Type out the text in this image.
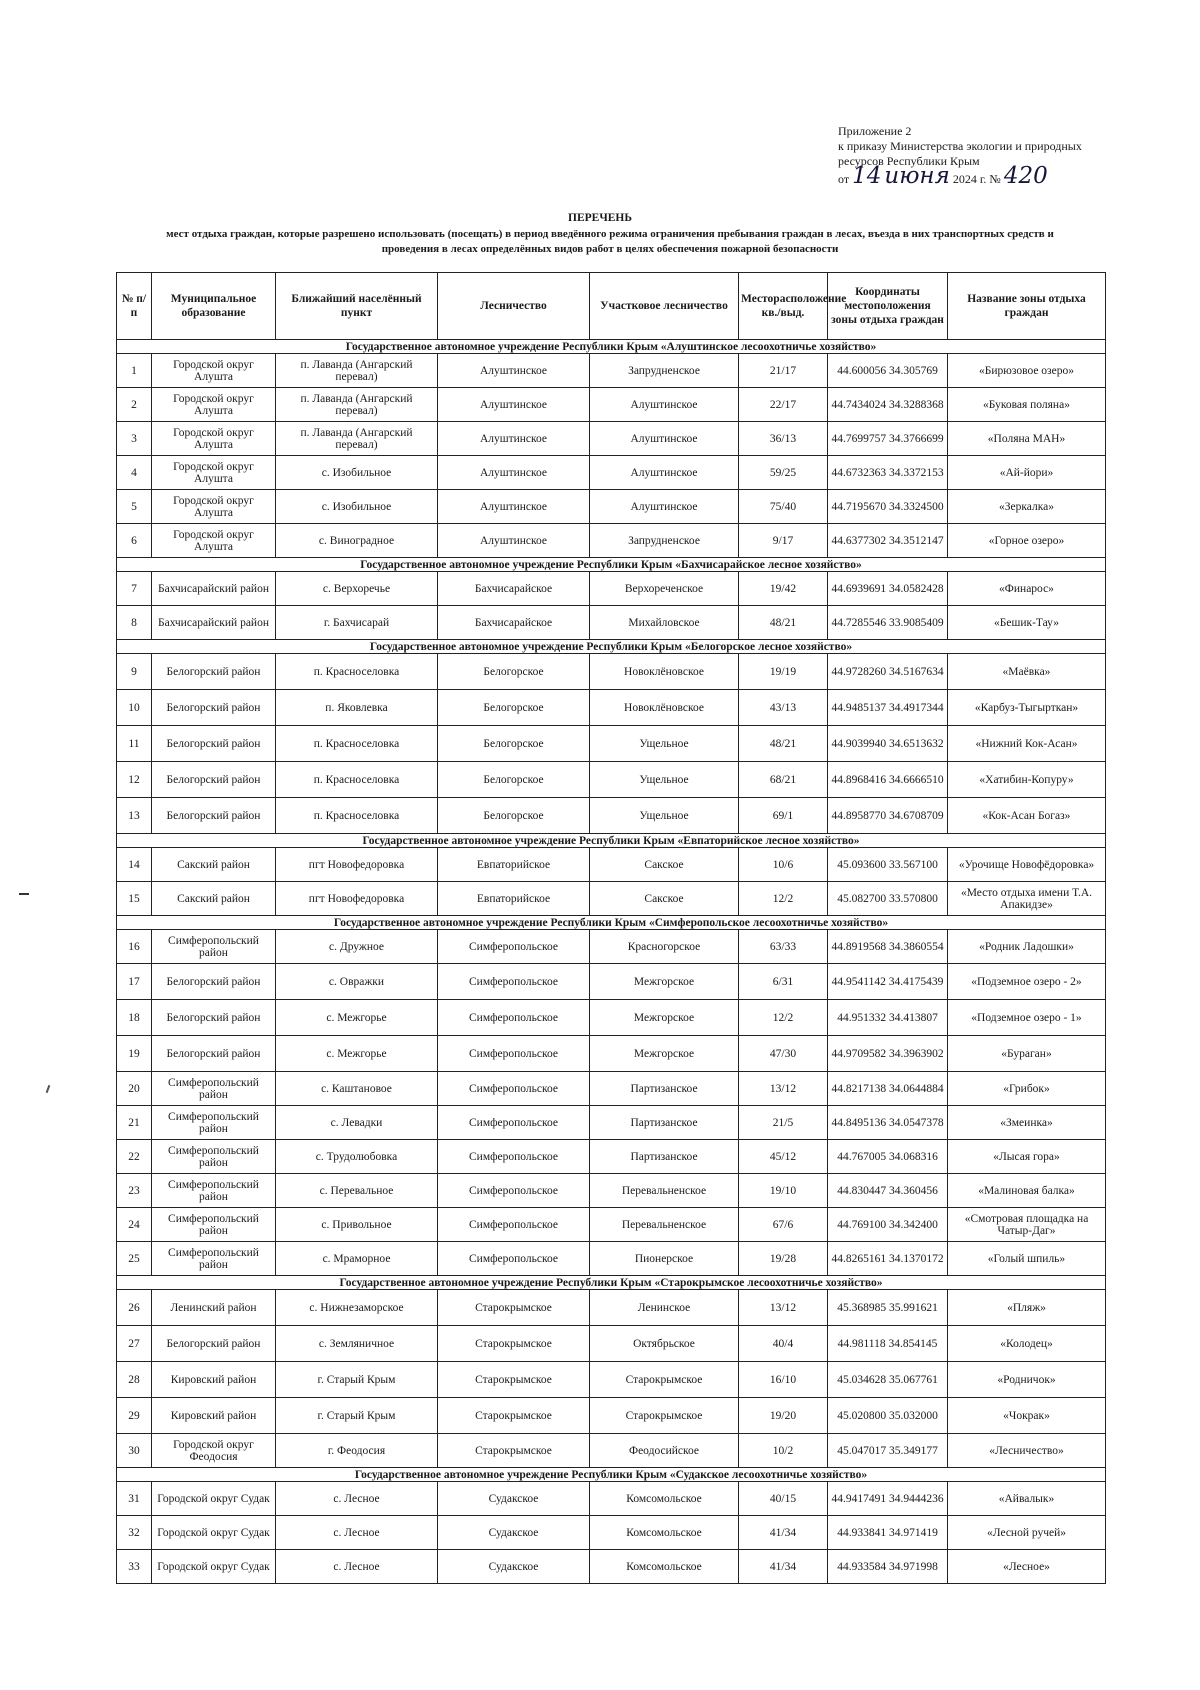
Приложение 2
к приказу Министерства экологии и природных
ресурсов Республики Крым
от 14 июня 2024 г. № 420
ПЕРЕЧЕНЬ
мест отдыха граждан, которые разрешено использовать (посещать) в период введённого режима ограничения пребывания граждан в лесах, въезда в них транспортных средств и проведения в лесах определённых видов работ в целях обеспечения пожарной безопасности
№ п/п	Муниципальное образование	Ближайший населённый пункт	Лесничество	Участковое лесничество	Месторасположение кв./выд.	Координаты местоположения зоны отдыха граждан	Название зоны отдыха граждан
Государственное автономное учреждение Республики Крым «Алуштинское лесоохотничье хозяйство»							
1	Городской округ Алушта	п. Лаванда (Ангарский перевал)	Алуштинское	Запрудненское	21/17	44.600056 34.305769	«Бирюзовое озеро»
2	Городской округ Алушта	п. Лаванда (Ангарский перевал)	Алуштинское	Алуштинское	22/17	44.7434024 34.3288368	«Буковая поляна»
3	Городской округ Алушта	п. Лаванда (Ангарский перевал)	Алуштинское	Алуштинское	36/13	44.7699757 34.3766699	«Поляна МАН»
4	Городской округ Алушта	с. Изобильное	Алуштинское	Алуштинское	59/25	44.6732363 34.3372153	«Ай-йори»
5	Городской округ Алушта	с. Изобильное	Алуштинское	Алуштинское	75/40	44.7195670 34.3324500	«Зеркалка»
6	Городской округ Алушта	с. Виноградное	Алуштинское	Запрудненское	9/17	44.6377302 34.3512147	«Горное озеро»
Государственное автономное учреждение Республики Крым «Бахчисарайское лесное хозяйство»							
7	Бахчисарайский район	с. Верхоречье	Бахчисарайское	Верхореченское	19/42	44.6939691 34.0582428	«Финарос»
8	Бахчисарайский район	г. Бахчисарай	Бахчисарайское	Михайловское	48/21	44.7285546 33.9085409	«Бешик-Тау»
Государственное автономное учреждение Республики Крым «Белогорское лесное хозяйство»							
9	Белогорский район	п. Красноселовка	Белогорское	Новоклёновское	19/19	44.9728260 34.5167634	«Маёвка»
10	Белогорский район	п. Яковлевка	Белогорское	Новоклёновское	43/13	44.9485137 34.4917344	«Карбуз-Тыгырткан»
11	Белогорский район	п. Красноселовка	Белогорское	Ущельное	48/21	44.9039940 34.6513632	«Нижний Кок-Асан»
12	Белогорский район	п. Красноселовка	Белогорское	Ущельное	68/21	44.8968416 34.6666510	«Хатибин-Копуру»
13	Белогорский район	п. Красноселовка	Белогорское	Ущельное	69/1	44.8958770 34.6708709	«Кок-Асан Богаз»
Государственное автономное учреждение Республики Крым «Евпаторийское лесное хозяйство»							
14	Сакский район	пгт Новофедоровка	Евпаторийское	Сакское	10/6	45.093600 33.567100	«Урочище Новофёдоровка»
15	Сакский район	пгт Новофедоровка	Евпаторийское	Сакское	12/2	45.082700 33.570800	«Место отдыха имени Т.А. Апакидзе»
Государственное автономное учреждение Республики Крым «Симферопольское лесоохотничье хозяйство»							
16	Симферопольский район	с. Дружное	Симферопольское	Красногорское	63/33	44.8919568 34.3860554	«Родник Ладошки»
17	Белогорский район	с. Овражки	Симферопольское	Межгорское	6/31	44.9541142 34.4175439	«Подземное озеро - 2»
18	Белогорский район	с. Межгорье	Симферопольское	Межгорское	12/2	44.951332 34.413807	«Подземное озеро - 1»
19	Белогорский район	с. Межгорье	Симферопольское	Межгорское	47/30	44.9709582 34.3963902	«Бураган»
20	Симферопольский район	с. Каштановое	Симферопольское	Партизанское	13/12	44.8217138 34.0644884	«Грибок»
21	Симферопольский район	с. Левадки	Симферопольское	Партизанское	21/5	44.8495136 34.0547378	«Змеинка»
22	Симферопольский район	с. Трудолюбовка	Симферопольское	Партизанское	45/12	44.767005 34.068316	«Лысая гора»
23	Симферопольский район	с. Перевальное	Симферопольское	Перевальненское	19/10	44.830447 34.360456	«Малиновая балка»
24	Симферопольский район	с. Привольное	Симферопольское	Перевальненское	67/6	44.769100 34.342400	«Смотровая площадка на Чатыр-Даг»
25	Симферопольский район	с. Мраморное	Симферопольское	Пионерское	19/28	44.8265161 34.1370172	«Голый шпиль»
Государственное автономное учреждение Республики Крым «Старокрымское лесоохотничье хозяйство»							
26	Ленинский район	с. Нижнезаморское	Старокрымское	Ленинское	13/12	45.368985 35.991621	«Пляж»
27	Белогорский район	с. Земляничное	Старокрымское	Октябрьское	40/4	44.981118 34.854145	«Колодец»
28	Кировский район	г. Старый Крым	Старокрымское	Старокрымское	16/10	45.034628 35.067761	«Родничок»
29	Кировский район	г. Старый Крым	Старокрымское	Старокрымское	19/20	45.020800 35.032000	«Чокрак»
30	Городской округ Феодосия	г. Феодосия	Старокрымское	Феодосийское	10/2	45.047017 35.349177	«Лесничество»
Государственное автономное учреждение Республики Крым «Судакское лесоохотничье хозяйство»							
31	Городской округ Судак	с. Лесное	Судакское	Комсомольское	40/15	44.9417491 34.9444236	«Айвалык»
32	Городской округ Судак	с. Лесное	Судакское	Комсомольское	41/34	44.933841 34.971419	«Лесной ручей»
33	Городской округ Судак	с. Лесное	Судакское	Комсомольское	41/34	44.933584 34.971998	«Лесное»
